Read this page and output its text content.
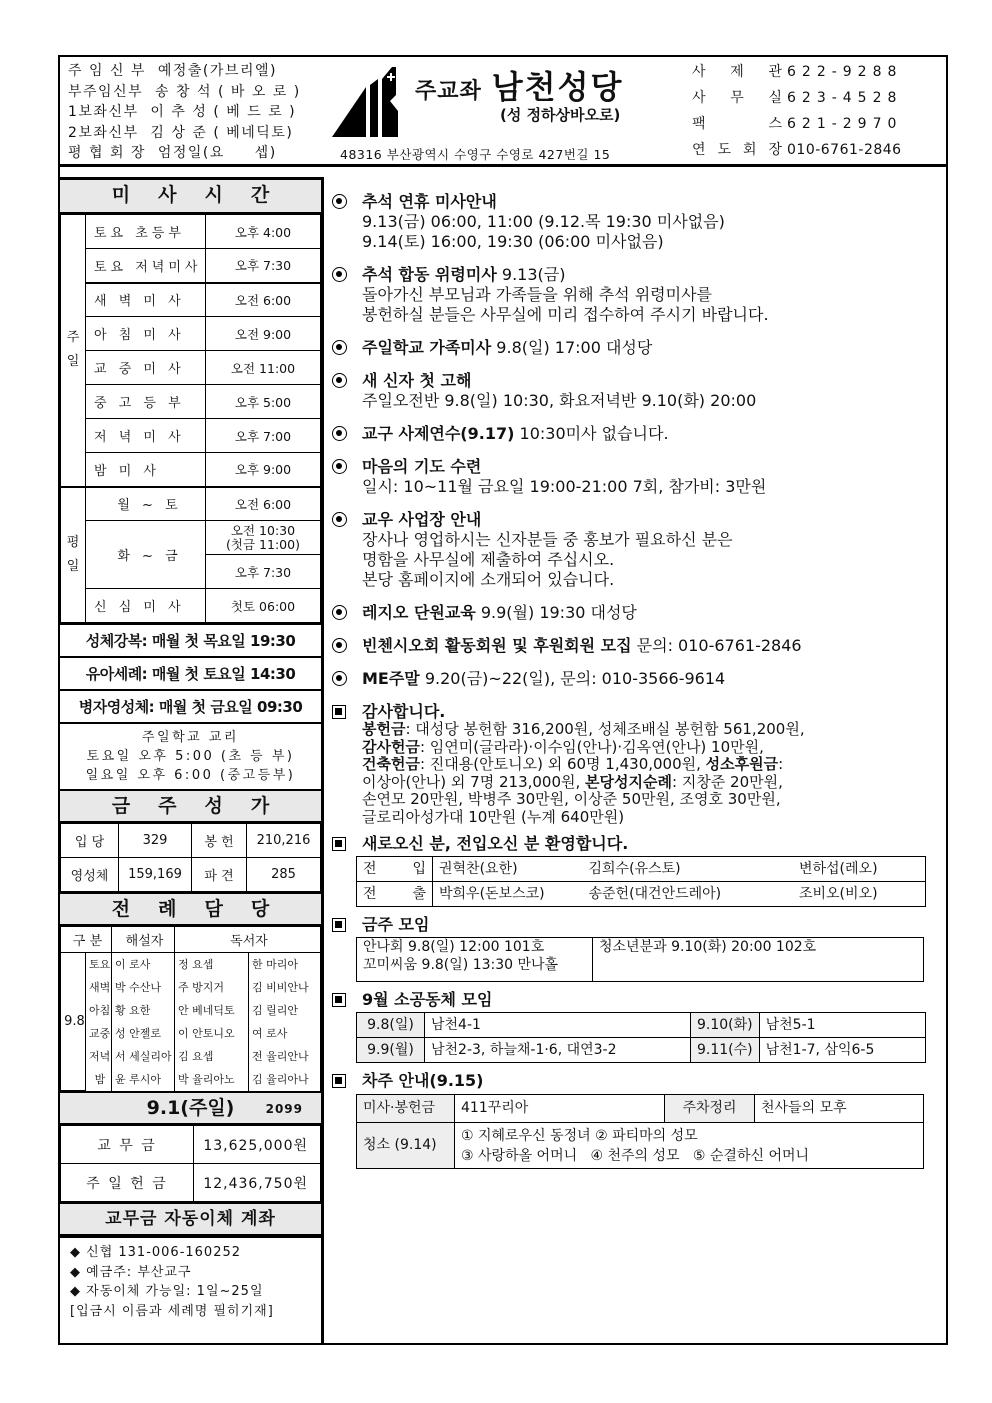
주 임 신 부 예정출(가브리엘)
부주임신부 송 창 석 ( 바 오 로 )
1보좌신부 이 추 성 ( 베 드 로 )
2보좌신부 김 상 준 ( 베네딕토)
평 협 회 장 엄정일(요     셉)
주교좌 남천성당
(성 정하상바오로)
48316 부산광역시 수영구 수영로 427번길 15
사 제 관 622-9288
사 무 실 623-4528
팩	스 621-2970
연 도 회 장 010-6761-2846
미사시간
주일	토요 초등부	오후 4:00
	토요 저녁미사	오후 7:30
	새 벽 미 사	오전 6:00
	아 침 미 사	오전 9:00
	교 중 미 사	오전 11:00
	중 고 등 부	오후 5:00
	저 녁 미 사	오후 7:00
	밤 미 사	오후 9:00
평일	월 ~ 토	오전 6:00
	화 ~ 금	오전 10:30
(첫금 11:00)

		오후 7:30
	신 심 미 사	첫토 06:00
성체강복: 매월 첫 목요일 19:30
유아세례: 매월 첫 토요일 14:30
병자영성체: 매월 첫 금요일 09:30
주일학교 교리
토요일 오후 5:00 (초 등 부)
일요일 오후 6:00 (중고등부)
금주성가
입 당	329	봉 헌	210,216
영성체	159,169	파 견	285
전례담당
구 분		해설자	독서자	
9.8	토요	이 로사	정 요셉	한 마리아
	새벽	박 수산나	주 방지거	김 비비안나
	아침	황 요한	안 베네딕토	김 릴리안
	교중	성 안젤로	이 안토니오	여 로사
	저녁	서 세실리아	김 요셉	전 율리안나
	밤	윤 루시아	박 율리아노	김 율리아나
9.1(주일)	2099
교 무 금	13,625,000원
주 일 헌 금	12,436,750원
교무금 자동이체 계좌
◆ 신협 131-006-160252
◆ 예금주: 부산교구
◆ 자동이체 가능일: 1일~25일
[입금시 이름과 세례명 필히기재]
추석 연휴 미사안내
9.13(금) 06:00, 11:00 (9.12.목 19:30 미사없음)
9.14(토) 16:00, 19:30 (06:00 미사없음)
추석 합동 위령미사 9.13(금)
돌아가신 부모님과 가족들을 위해 추석 위령미사를
봉헌하실 분들은 사무실에 미리 접수하여 주시기 바랍니다.
주일학교 가족미사 9.8(일) 17:00 대성당
새 신자 첫 고해
주일오전반 9.8(일) 10:30, 화요저녁반 9.10(화) 20:00
교구 사제연수(9.17) 10:30미사 없습니다.
마음의 기도 수련
일시: 10~11월 금요일 19:00-21:00 7회, 참가비: 3만원
교우 사업장 안내
장사나 영업하시는 신자분들 중 홍보가 필요하신 분은
명함을 사무실에 제출하여 주십시오.
본당 홈페이지에 소개되어 있습니다.
레지오 단원교육 9.9(월) 19:30 대성당
빈첸시오회 활동회원 및 후원회원 모집 문의: 010-6761-2846
ME주말 9.20(금)~22(일), 문의: 010-3566-9614
감사합니다.
봉헌금: 대성당 봉헌함 316,200원, 성체조배실 봉헌함 561,200원,
감사헌금: 임연미(글라라)·이수임(안나)·김옥연(안나) 10만원,
건축헌금: 진대용(안토니오) 외 60명 1,430,000원, 성소후원금:
이상아(안나) 외 7명 213,000원, 본당성지순례: 지창준 20만원,
손연모 20만원, 박병주 30만원, 이상준 50만원, 조영호 30만원,
글로리아성가대 10만원 (누계 640만원)
새로오신 분, 전입오신 분 환영합니다.
전 입	권혁찬(요한)	김희수(유스토)	변하섭(레오)
전 출	박희우(돈보스코)	송준헌(대건안드레아)	조비오(비오)
금주 모임
안나회 9.8(일) 12:00 101호
꼬미씨움 9.8(일) 13:30 만나홀
	청소년분과 9.10(화) 20:00 102호
9월 소공동체 모임
9.8(일)	남천4-1	9.10(화)	남천5-1
9.9(월)	남천2-3, 하늘채-1·6, 대연3-2	9.11(수)	남천1-7, 삼익6-5
차주 안내(9.15)
미사·봉헌금	411꾸리아	주차정리	천사들의 모후
청소 (9.14)	① 지혜로우신 동정녀 ② 파티마의 성모
③ 사랑하올 어머니   ④ 천주의 성모   ⑤ 순결하신 어머니		
